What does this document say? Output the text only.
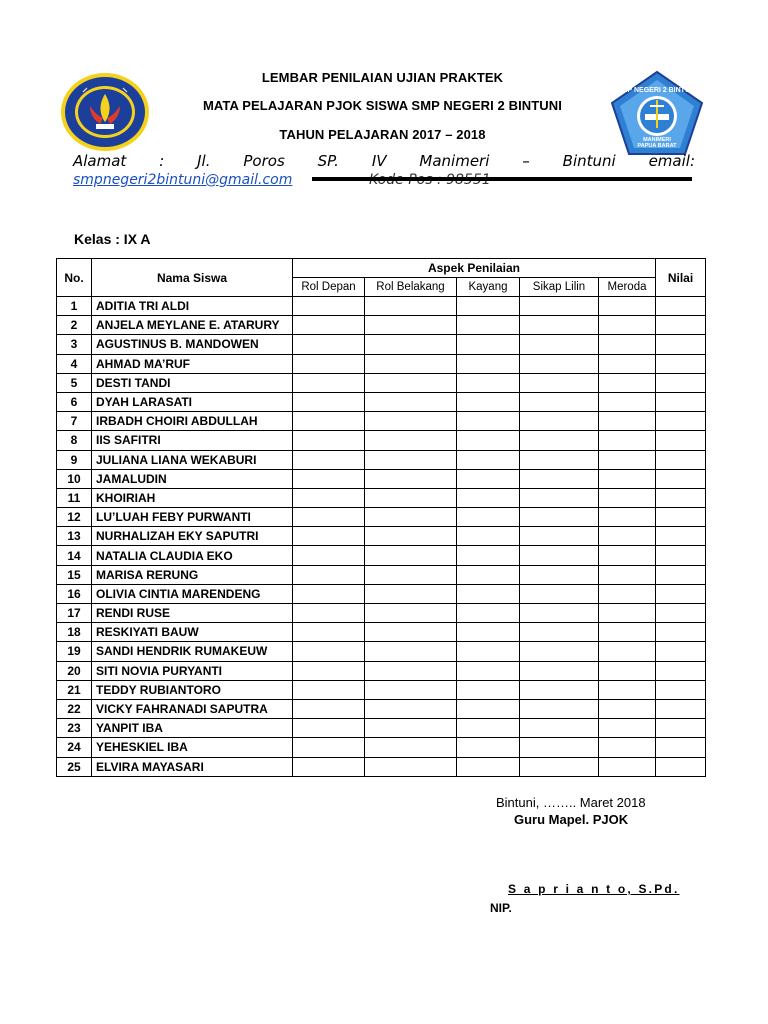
MANIMERI
PAPUA BARAT
SMP NEGERI 2 BINTUNI
LEMBAR PENILAIAN UJIAN PRAKTEK
MATA PELAJARAN PJOK SISWA SMP NEGERI 2 BINTUNI
TAHUN PELAJARAN 2017 – 2018
Alamat : Jl. Poros SP. IV Manimeri – Bintuni email:
smpnegeri2bintuni@gmail.com
Kelas : IX A
No.	Nama Siswa	Aspek Penilaian					Nilai
		Rol Depan	Rol Belakang	Kayang	Sikap Lilin	Meroda	
1	ADITIA TRI ALDI						
2	ANJELA MEYLANE E. ATARURY						
3	AGUSTINUS B. MANDOWEN						
4	AHMAD MA’RUF						
5	DESTI TANDI						
6	DYAH LARASATI						
7	IRBADH CHOIRI ABDULLAH						
8	IIS SAFITRI						
9	JULIANA LIANA WEKABURI						
10	JAMALUDIN						
11	KHOIRIAH						
12	LU’LUAH FEBY PURWANTI						
13	NURHALIZAH EKY SAPUTRI						
14	NATALIA CLAUDIA EKO						
15	MARISA RERUNG						
16	OLIVIA CINTIA MARENDENG						
17	RENDI RUSE						
18	RESKIYATI BAUW						
19	SANDI HENDRIK RUMAKEUW						
20	SITI NOVIA PURYANTI						
21	TEDDY RUBIANTORO						
22	VICKY FAHRANADI SAPUTRA						
23	YANPIT IBA						
24	YEHESKIEL IBA						
25	ELVIRA MAYASARI						
Bintuni, …….. Maret 2018
Guru Mapel. PJOK
S a p r i a n t o, S.Pd.
NIP.
